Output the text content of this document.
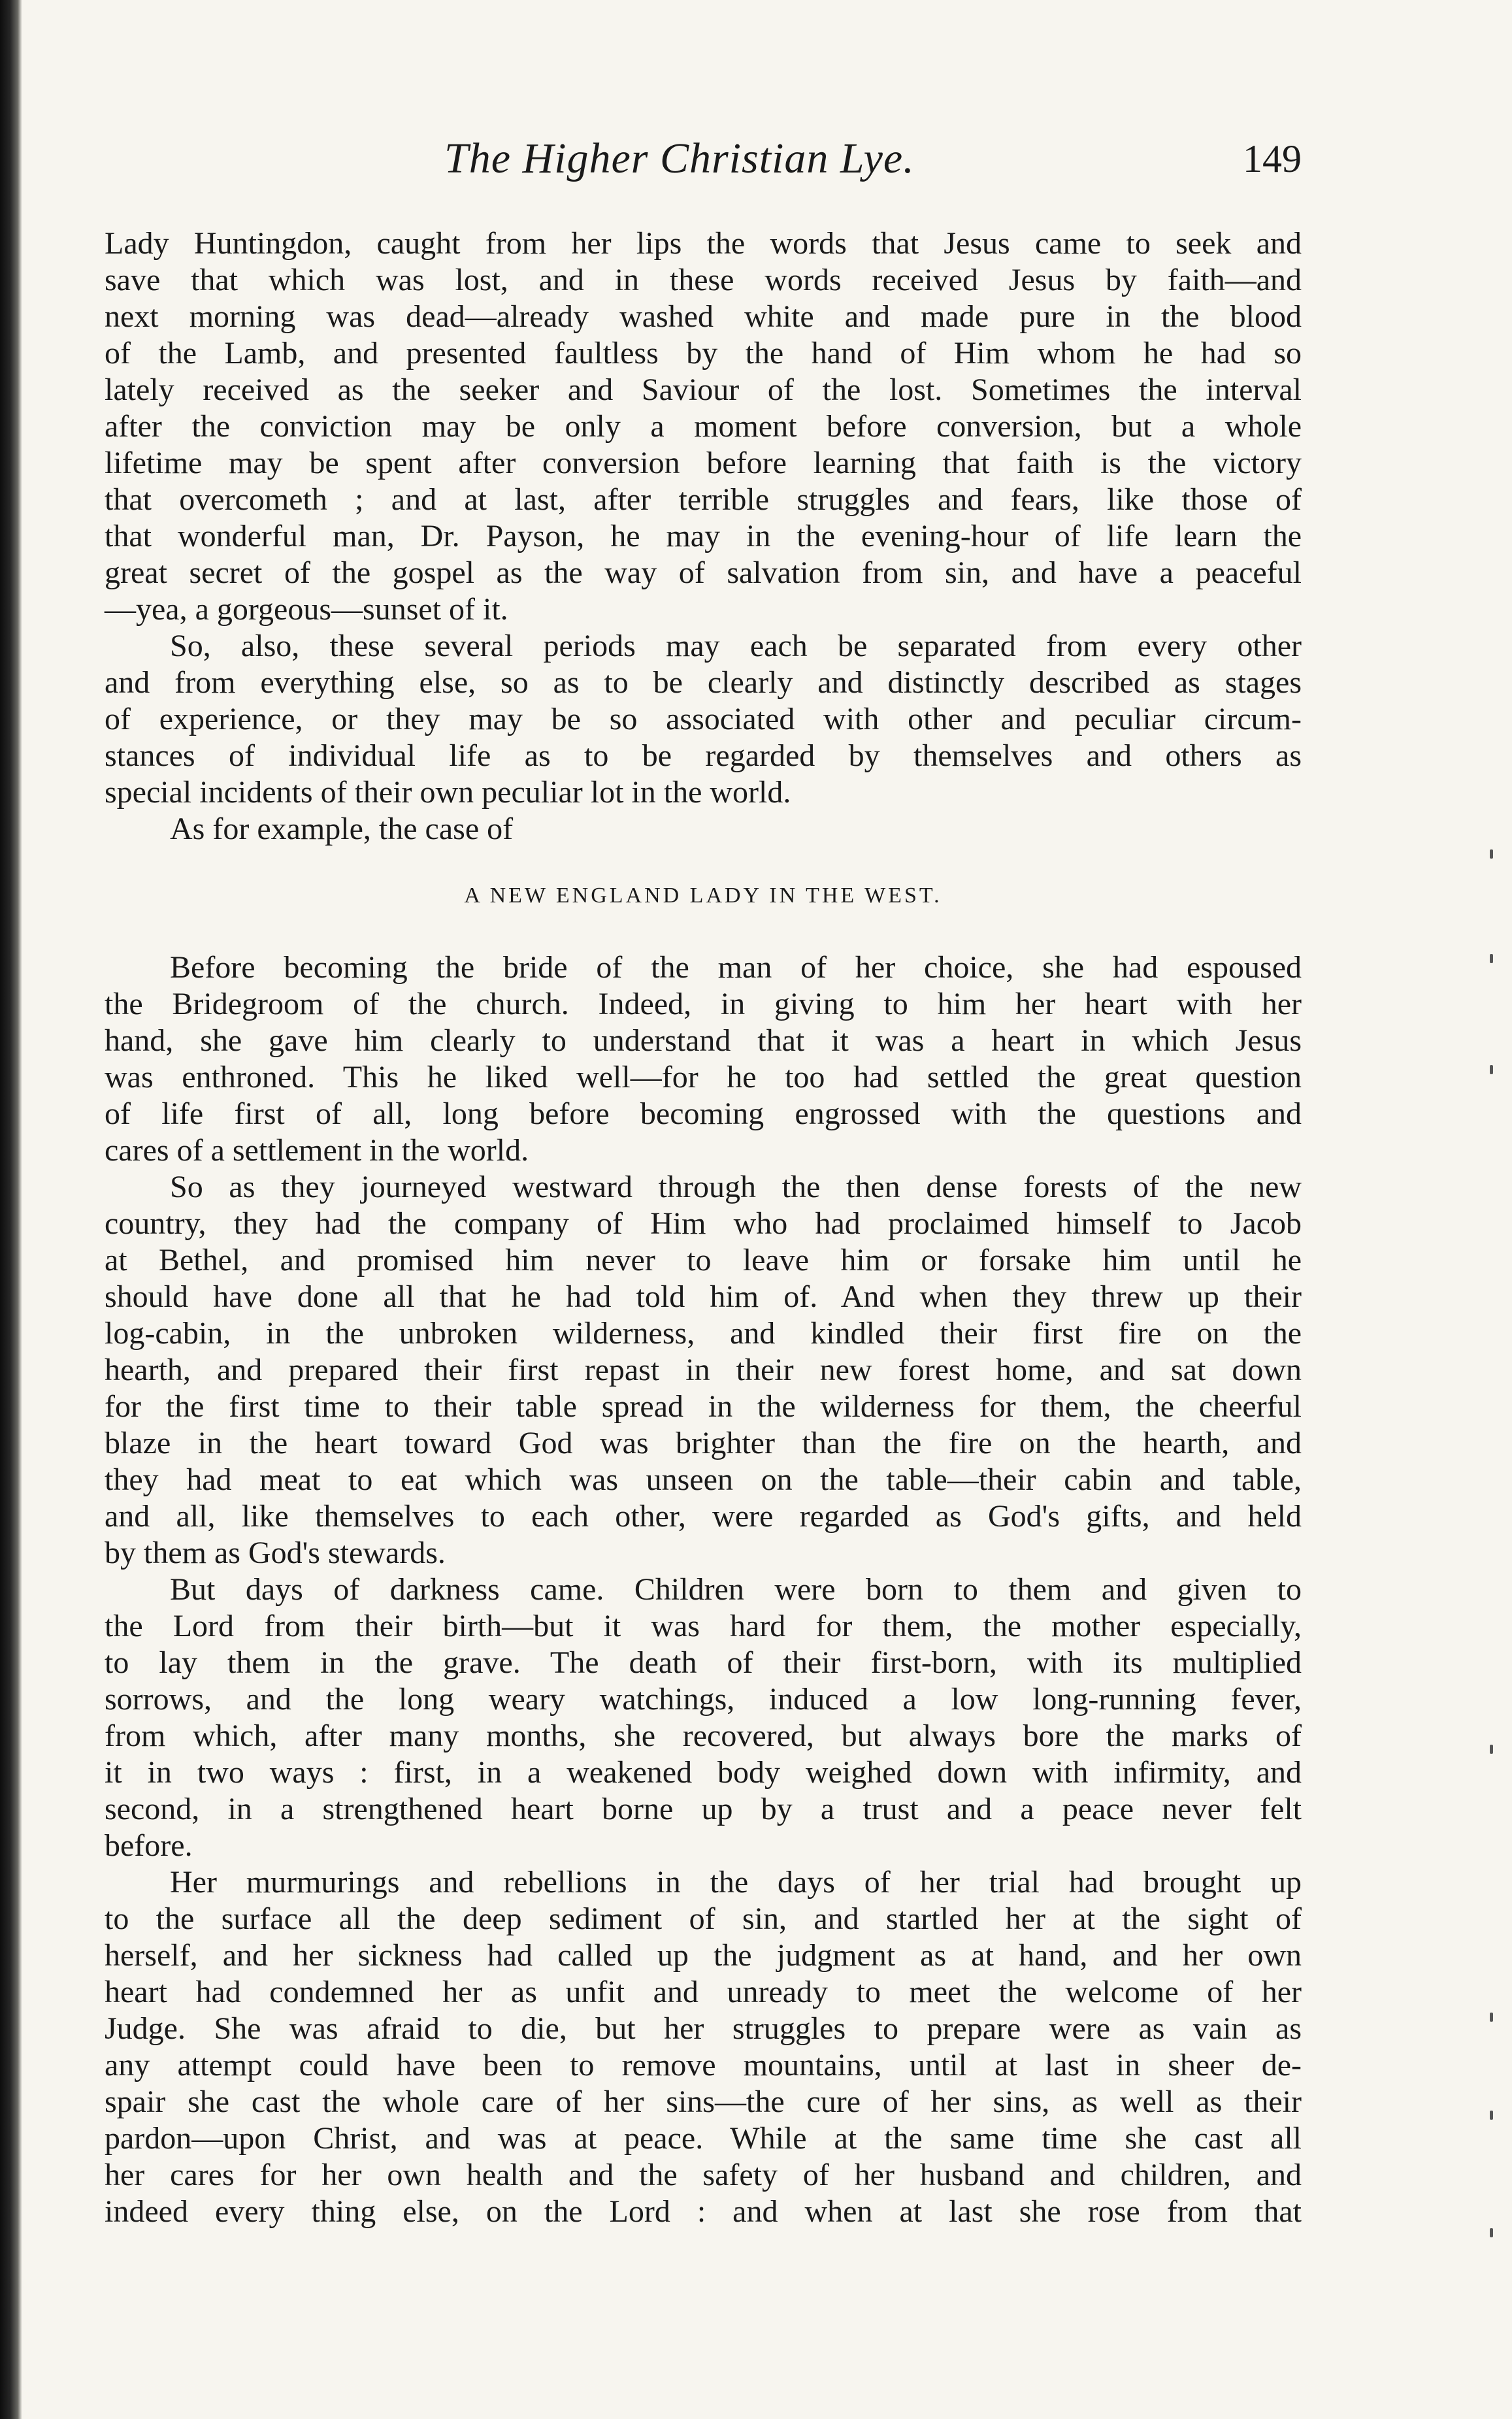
The Higher Christian Lye.	149
Lady Huntingdon, caught from her lips the words that Jesus came to seek and
save that which was lost, and in these words received Jesus by faith—and
next morning was dead—already washed white and made pure in the blood
of the Lamb, and presented faultless by the hand of Him whom he had so
lately received as the seeker and Saviour of the lost. Sometimes the interval
after the conviction may be only a moment before conversion, but a whole
lifetime may be spent after conversion before learning that faith is the victory
that overcometh ; and at last, after terrible struggles and fears, like those of
that wonderful man, Dr. Payson, he may in the evening-hour of life learn the
great secret of the gospel as the way of salvation from sin, and have a peaceful
—yea, a gorgeous—sunset of it.
So, also, these several periods may each be separated from every other
and from everything else, so as to be clearly and distinctly described as stages
of experience, or they may be so associated with other and peculiar circum-
stances of individual life as to be regarded by themselves and others as
special incidents of their own peculiar lot in the world.
As for example, the case of
A NEW ENGLAND LADY IN THE WEST.
Before becoming the bride of the man of her choice, she had espoused
the Bridegroom of the church. Indeed, in giving to him her heart with her
hand, she gave him clearly to understand that it was a heart in which Jesus
was enthroned. This he liked well—for he too had settled the great question
of life first of all, long before becoming engrossed with the questions and
cares of a settlement in the world.
So as they journeyed westward through the then dense forests of the new
country, they had the company of Him who had proclaimed himself to Jacob
at Bethel, and promised him never to leave him or forsake him until he
should have done all that he had told him of. And when they threw up their
log-cabin, in the unbroken wilderness, and kindled their first fire on the
hearth, and prepared their first repast in their new forest home, and sat down
for the first time to their table spread in the wilderness for them, the cheerful
blaze in the heart toward God was brighter than the fire on the hearth, and
they had meat to eat which was unseen on the table—their cabin and table,
and all, like themselves to each other, were regarded as God's gifts, and held
by them as God's stewards.
But days of darkness came. Children were born to them and given to
the Lord from their birth—but it was hard for them, the mother especially,
to lay them in the grave. The death of their first-born, with its multiplied
sorrows, and the long weary watchings, induced a low long-running fever,
from which, after many months, she recovered, but always bore the marks of
it in two ways : first, in a weakened body weighed down with infirmity, and
second, in a strengthened heart borne up by a trust and a peace never felt
before.
Her murmurings and rebellions in the days of her trial had brought up
to the surface all the deep sediment of sin, and startled her at the sight of
herself, and her sickness had called up the judgment as at hand, and her own
heart had condemned her as unfit and unready to meet the welcome of her
Judge. She was afraid to die, but her struggles to prepare were as vain as
any attempt could have been to remove mountains, until at last in sheer de-
spair she cast the whole care of her sins—the cure of her sins, as well as their
pardon—upon Christ, and was at peace. While at the same time she cast all
her cares for her own health and the safety of her husband and children, and
indeed every thing else, on the Lord : and when at last she rose from that
